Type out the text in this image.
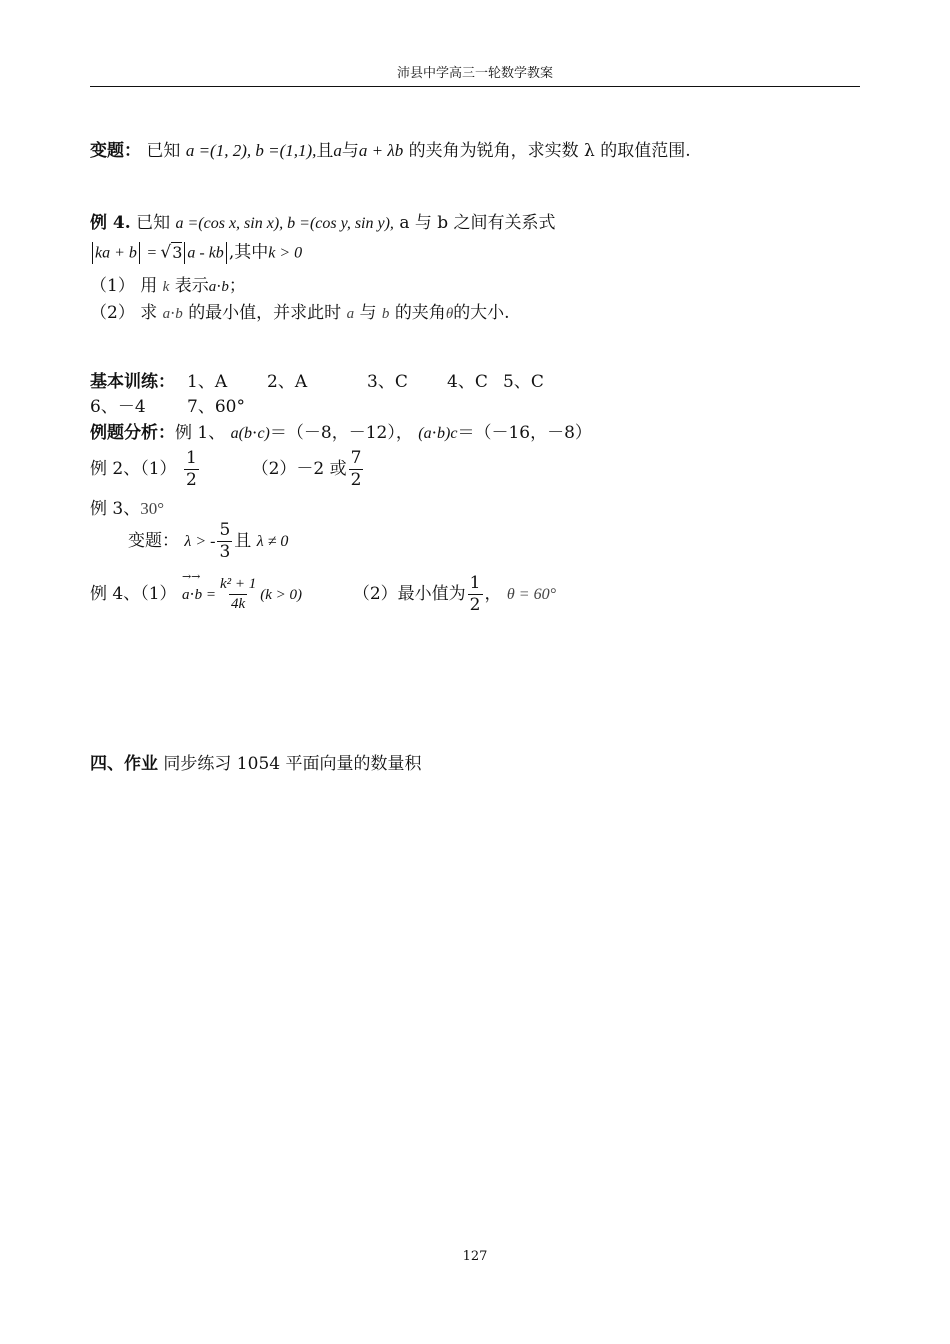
沛县中学高三一轮数学教案
变题： 已知 a =(1, 2), b =(1,1),且a与a + λb 的夹角为锐角，求实数 λ 的取值范围.
例 4. 已知 a =(cos x, sin x), b =(cos y, sin y), a 与 b 之间有关系式
ka + b = √3 a - kb ,其中k > 0
（1） 用 k 表示a⋅b；
（2） 求 a⋅b 的最小值，并求此时 a 与 b 的夹角θ的大小.
基本训练： 1、A 2、A	3、C 4、C 5、C
6、－4 7、60°
例题分析：例 1、 a(b⋅c)＝（－8，－12）， (a⋅b)c＝（－16，－8）
例 2、$(1) \frac{1}{2}$	（2）－2 或 $\frac{7}{2}$
例 3、30°
变题： λ > - $\frac{5}{3}$ 且 λ ≠ 0
例 4、（1）
→→
$a\cdot b = \frac{\text{k² + 1}}{4k} (k > 0)$	（2）最小值为 $\frac{1}{2}$ ， θ = 60°
四、作业 同步练习 1054 平面向量的数量积
127
